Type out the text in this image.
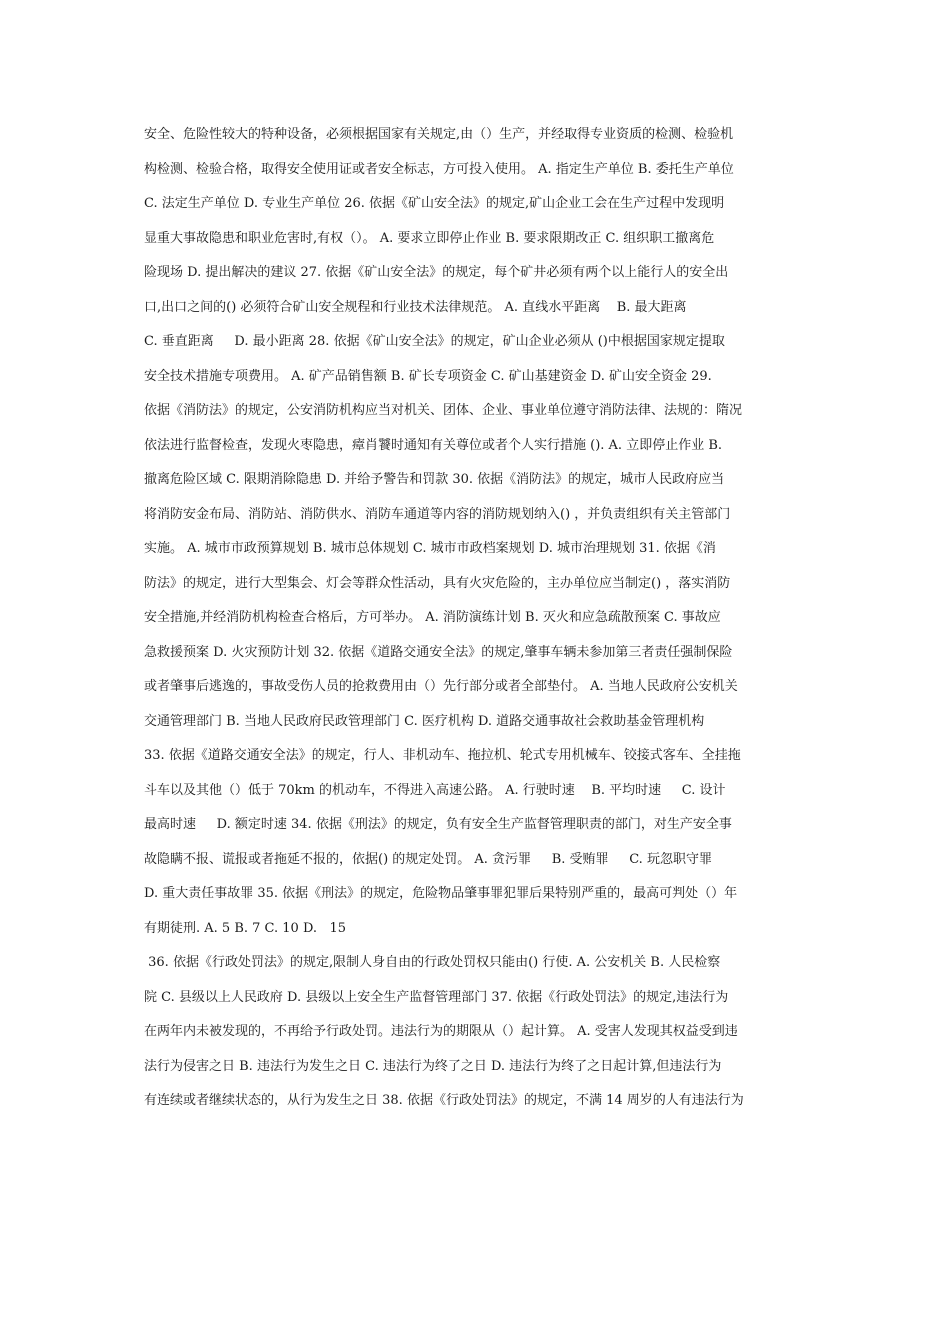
安全、危险性较大的特种设备，必须根据国家有关规定,由（）生产，并经取得专业资质的检测、检验机
构检测、检验合格，取得安全使用证或者安全标志，方可投入使用。 A. 指定生产单位 B. 委托生产单位
C. 法定生产单位 D. 专业生产单位 26. 依据《矿山安全法》的规定,矿山企业工会在生产过程中发现明
显重大事故隐患和职业危害时,有权（）。 A. 要求立即停止作业 B. 要求限期改正 C. 组织职工撤离危
险现场 D. 提出解决的建议 27. 依据《矿山安全法》的规定，每个矿井必须有两个以上能行人的安全出
口,出口之间的() 必须符合矿山安全规程和行业技术法律规范。 A. 直线水平距离    B. 最大距离
C. 垂直距离     D. 最小距离 28. 依据《矿山安全法》的规定，矿山企业必须从 ()中根据国家规定提取
安全技术措施专项费用。 A. 矿产品销售额 B. 矿长专项资金 C. 矿山基建资金 D. 矿山安全资金 29.
依据《消防法》的规定，公安消防机构应当对机关、团体、企业、事业单位遵守消防法律、法规的：隋况
依法进行监督检查，发现火枣隐患，瘴肖饕时通知有关尊位或者个人实行措施 (). A. 立即停止作业 B.
撤离危险区域 C. 限期消除隐患 D. 并给予警告和罚款 30. 依据《消防法》的规定，城市人民政府应当
将消防安金布局、消防站、消防供水、消防车通道等内容的消防规划纳入() ，并负责组织有关主管部门
实施。 A. 城市市政预算规划 B. 城市总体规划 C. 城市市政档案规划 D. 城市治理规划 31. 依据《消
防法》的规定，进行大型集会、灯会等群众性活动，具有火灾危险的，主办单位应当制定() ，落实消防
安全措施,并经消防机构检查合格后，方可举办。 A. 消防演练计划 B. 灭火和应急疏散预案 C. 事故应
急救援预案 D. 火灾预防计划 32. 依据《道路交通安全法》的规定,肇事车辆未参加第三者责任强制保险
或者肇事后逃逸的，事故受伤人员的抢救费用由（）先行部分或者全部垫付。 A. 当地人民政府公安机关
交通管理部门 B. 当地人民政府民政管理部门 C. 医疗机构 D. 道路交通事故社会救助基金管理机构
33. 依据《道路交通安全法》的规定，行人、非机动车、拖拉机、轮式专用机械车、铰接式客车、全挂拖
斗车以及其他（）低于 70km 的机动车，不得进入高速公路。 A. 行驶时速    B. 平均时速     C. 设计
最高时速     D. 额定时速 34. 依据《刑法》的规定，负有安全生产监督管理职责的部门，对生产安全事
故隐瞒不报、谎报或者拖延不报的，依据() 的规定处罚。 A. 贪污罪     B. 受贿罪     C. 玩忽职守罪
D. 重大责任事故罪 35. 依据《刑法》的规定，危险物品肇事罪犯罪后果特别严重的，最高可判处（）年
有期徒刑. A. 5 B. 7 C. 10 D.   15
36. 依据《行政处罚法》的规定,限制人身自由的行政处罚权只能由() 行使. A. 公安机关 B. 人民检察
院 C. 县级以上人民政府 D. 县级以上安全生产监督管理部门 37. 依据《行政处罚法》的规定,违法行为
在两年内未被发现的，不再给予行政处罚。违法行为的期限从（）起计算。 A. 受害人发现其权益受到违
法行为侵害之日 B. 违法行为发生之日 C. 违法行为终了之日 D. 违法行为终了之日起计算,但违法行为
有连续或者继续状态的，从行为发生之日 38. 依据《行政处罚法》的规定，不满 14 周岁的人有违法行为
